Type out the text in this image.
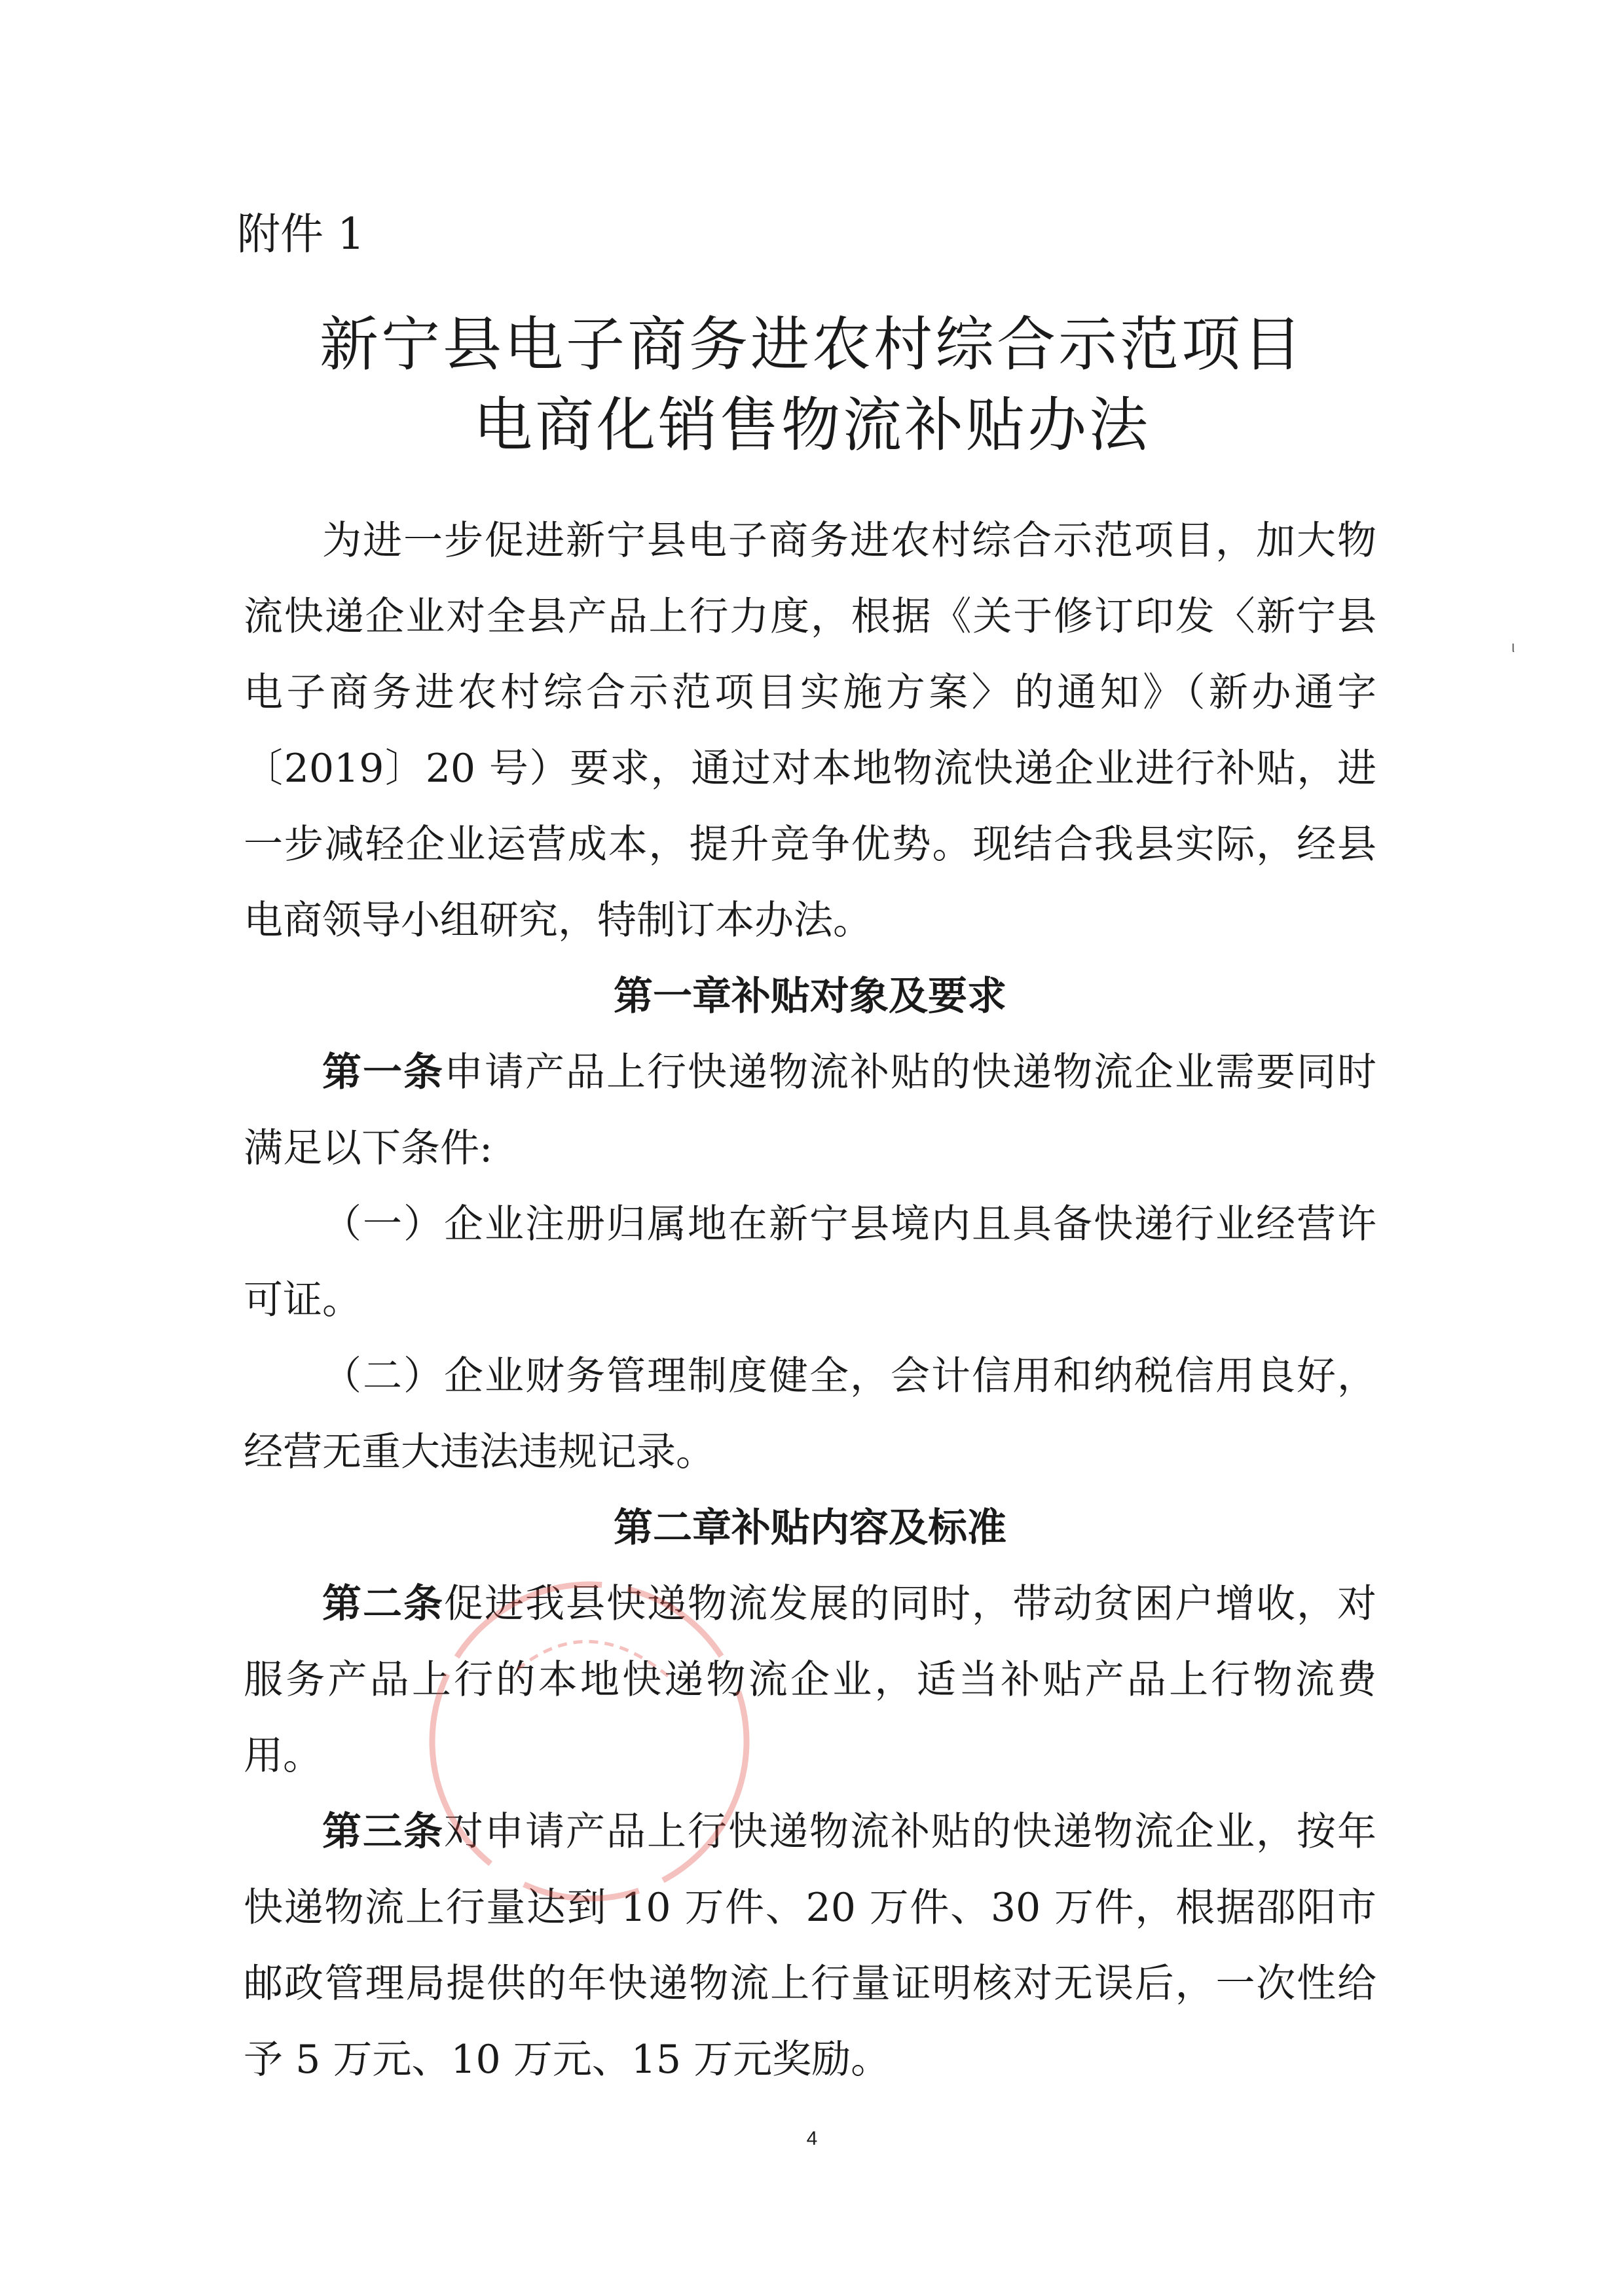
ι
附件 1
新宁县电子商务进农村综合示范项目
电商化销售物流补贴办法

为进一步促进新宁县电子商务进农村综合示范项目，加大物流快递企业对全县产品上行力度，根据《关于修订印发〈新宁县电子商务进农村综合示范项目实施方案〉的通知》（新办通字〔2019〕20 号）要求，通过对本地物流快递企业进行补贴，进一步减轻企业运营成本，提升竞争优势。现结合我县实际，经县电商领导小组研究，特制订本办法。

第一章补贴对象及要求

第一条申请产品上行快递物流补贴的快递物流企业需要同时满足以下条件:

（一）企业注册归属地在新宁县境内且具备快递行业经营许可证。

（二）企业财务管理制度健全，会计信用和纳税信用良好，经营无重大违法违规记录。

第二章补贴内容及标准

第二条促进我县快递物流发展的同时，带动贫困户增收，对服务产品上行的本地快递物流企业，适当补贴产品上行物流费用。

第三条对申请产品上行快递物流补贴的快递物流企业，按年快递物流上行量达到 10 万件、20 万件、30 万件，根据邵阳市邮政管理局提供的年快递物流上行量证明核对无误后，一次性给予 5 万元、10 万元、15 万元奖励。

4
